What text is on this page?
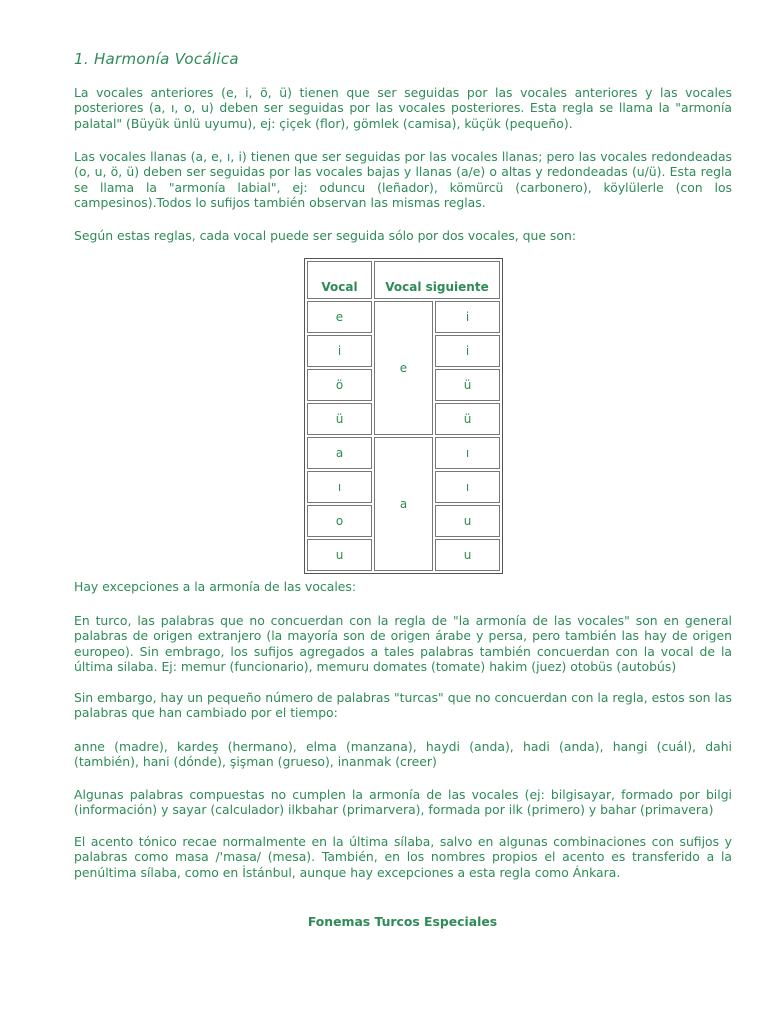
1. Harmonía Vocálica

La vocales anteriores (e, i, ö, ü) tienen que ser seguidas por las vocales anteriores y las vocales posteriores (a, ı, o, u) deben ser seguidas por las vocales posteriores. Esta regla se llama la "armonía palatal" (Büyük ünlü uyumu), ej: çiçek (flor), gömlek (camisa), küçük (pequeño).

Las vocales llanas (a, e, ı, i) tienen que ser seguidas por las vocales llanas; pero las vocales redondeadas (o, u, ö, ü) deben ser seguidas por las vocales bajas y llanas (a/e) o altas y redondeadas (u/ü). Esta regla se llama la "armonía labial", ej: oduncu (leñador), kömürcü (carbonero), köylülerle (con los campesinos).Todos lo sufijos también observan las mismas reglas.

Según estas reglas, cada vocal puede ser seguida sólo por dos vocales, que son:

Vocal	Vocal siguiente	
e	e	i
i		i
ö		ü
ü		ü
a	a	ı
ı		ı
o		u
u		u

Hay excepciones a la armonía de las vocales:

En turco, las palabras que no concuerdan con la regla de "la armonía de las vocales" son en general palabras de origen extranjero (la mayoría son de origen árabe y persa, pero también las hay de origen europeo). Sin embrago, los sufijos agregados a tales palabras también concuerdan con la vocal de la última silaba. Ej: memur (funcionario), memuru domates (tomate) hakim (juez) otobüs (autobús)

Sin embargo, hay un pequeño número de palabras "turcas" que no concuerdan con la regla, estos son las palabras que han cambiado por el tiempo:

anne (madre), kardeş (hermano), elma (manzana), haydi (anda), hadi (anda), hangi (cuál), dahi (también), hani (dónde), şişman (grueso), inanmak (creer)

Algunas palabras compuestas no cumplen la armonía de las vocales (ej: bilgisayar, formado por bilgi (información) y sayar (calculador) ilkbahar (primarvera), formada por ilk (primero) y bahar (primavera)

El acento tónico recae normalmente en la última sílaba, salvo en algunas combinaciones con sufijos y palabras como masa /'masa/ (mesa). También, en los nombres propios el acento es transferido a la penúltima sílaba, como en İstánbul, aunque hay excepciones a esta regla como Ánkara.

Fonemas Turcos Especiales
